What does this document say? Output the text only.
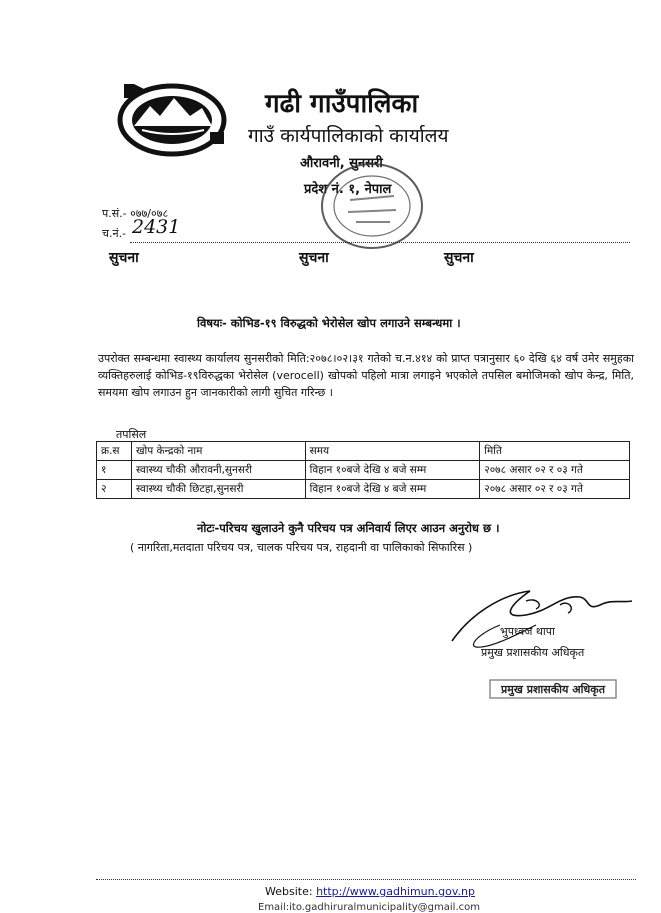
गढी गाउँपालिका
गाउँ कार्यपालिकाको कार्यालय
औरावनी, सुनसरी
प्रदेश नं. १, नेपाल
प.सं.- ०७७/०७८
च.नं.- 2431
सुचना	सुचना	सुचना
विषयः- कोभिड-१९ विरुद्धको भेरोसेल खोप लगाउने सम्बन्धमा ।
उपरोक्त सम्बन्धमा स्वास्थ्य कार्यालय सुनसरीको मिति:२०७८।०२।३१ गतेको च.न.४१४ को प्राप्त पत्रानुसार ६० देखि ६४ वर्ष उमेर समुहका व्यक्तिहरुलाई कोभिड-१९विरुद्धका भेरोसेल (verocell) खोपको पहिलो मात्रा लगाइने भएकोले तपसिल बमोजिमको खोप केन्द्र, मिति, समयमा खोप लगाउन हुन जानकारीको लागी सुचित गरिन्छ ।
तपसिल
क्र.स	खोप केन्द्रको नाम	समय	मिति
१	स्वास्थ्य चौकी औरावनी,सुनसरी	विहान १०बजे देखि ४ बजे सम्म	२०७८ असार ०२ र ०३ गते
२	स्वास्थ्य चौकी छिटहा,सुनसरी	विहान १०बजे देखि ४ बजे सम्म	२०७८ असार ०२ र ०३ गते
नोटः-परिचय खुलाउने कुनै परिचय पत्र अनिवार्य लिएर आउन अनुरोध छ ।
( नागरिता,मतदाता परिचय पत्र, चालक परिचय पत्र, राहदानी वा पालिकाको सिफारिस )
भुपध्वज थापा
प्रमुख प्रशासकीय अधिकृत
प्रमुख प्रशासकीय अधिकृत
Website: http://www.gadhimun.gov.np
Email:ito.gadhiruralmunicipality@gmail.com
